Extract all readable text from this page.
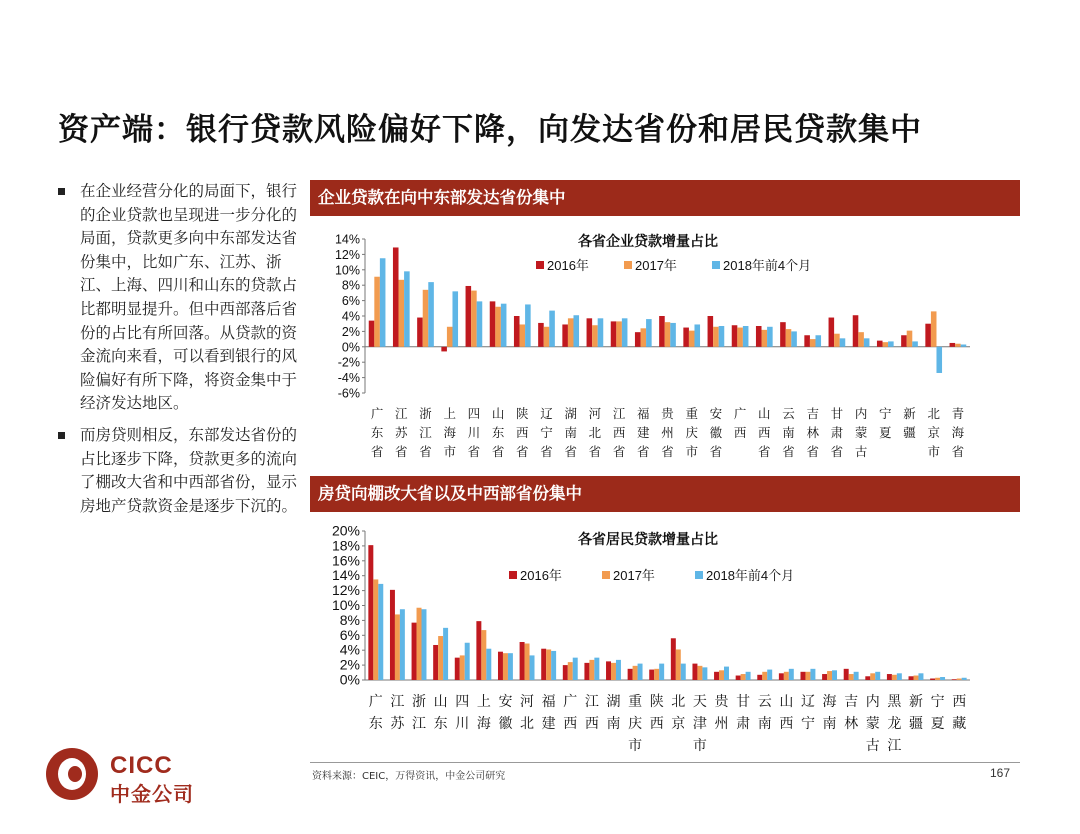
资产端：银行贷款风险偏好下降，向发达省份和居民贷款集中
在企业经营分化的局面下，银行的企业贷款也呈现进一步分化的局面，贷款更多向中东部发达省份集中，比如广东、江苏、浙江、上海、四川和山东的贷款占比都明显提升。但中西部落后省份的占比有所回落。从贷款的资金流向来看，可以看到银行的风险偏好有所下降，将资金集中于经济发达地区。
而房贷则相反，东部发达省份的占比逐步下降，贷款更多的流向了棚改大省和中西部省份，显示房地产贷款资金是逐步下沉的。
企业贷款在向中东部发达省份集中
各省企业贷款增量占比
2016年	2017年	2018年前4个月
14%
12%
10%
8%
6%
4%
2%
0%
-2%
-4%
-6%
广东省
江苏省
浙江省
上海市
四川省
山东省
陕西省
辽宁省
湖南省
河北省
江西省
福建省
贵州省
重庆市
安徽省
广西
山西省
云南省
吉林省
甘肃省
内蒙古
宁夏
新疆
北京市
青海省
房贷向棚改大省以及中西部省份集中
各省居民贷款增量占比
2016年	2017年	2018年前4个月
20%
18%
16%
14%
12%
10%
8%
6%
4%
2%
0%
广东
江苏
浙江
山东
四川
上海
安徽
河北
福建
广西
江西
湖南
重庆市
陕西
北京
天津市
贵州
甘肃
云南
山西
辽宁
海南
吉林
内蒙古
黑龙江
新疆
宁夏
西藏
资料来源：CEIC，万得资讯，中金公司研究	167
CICC
中金公司
